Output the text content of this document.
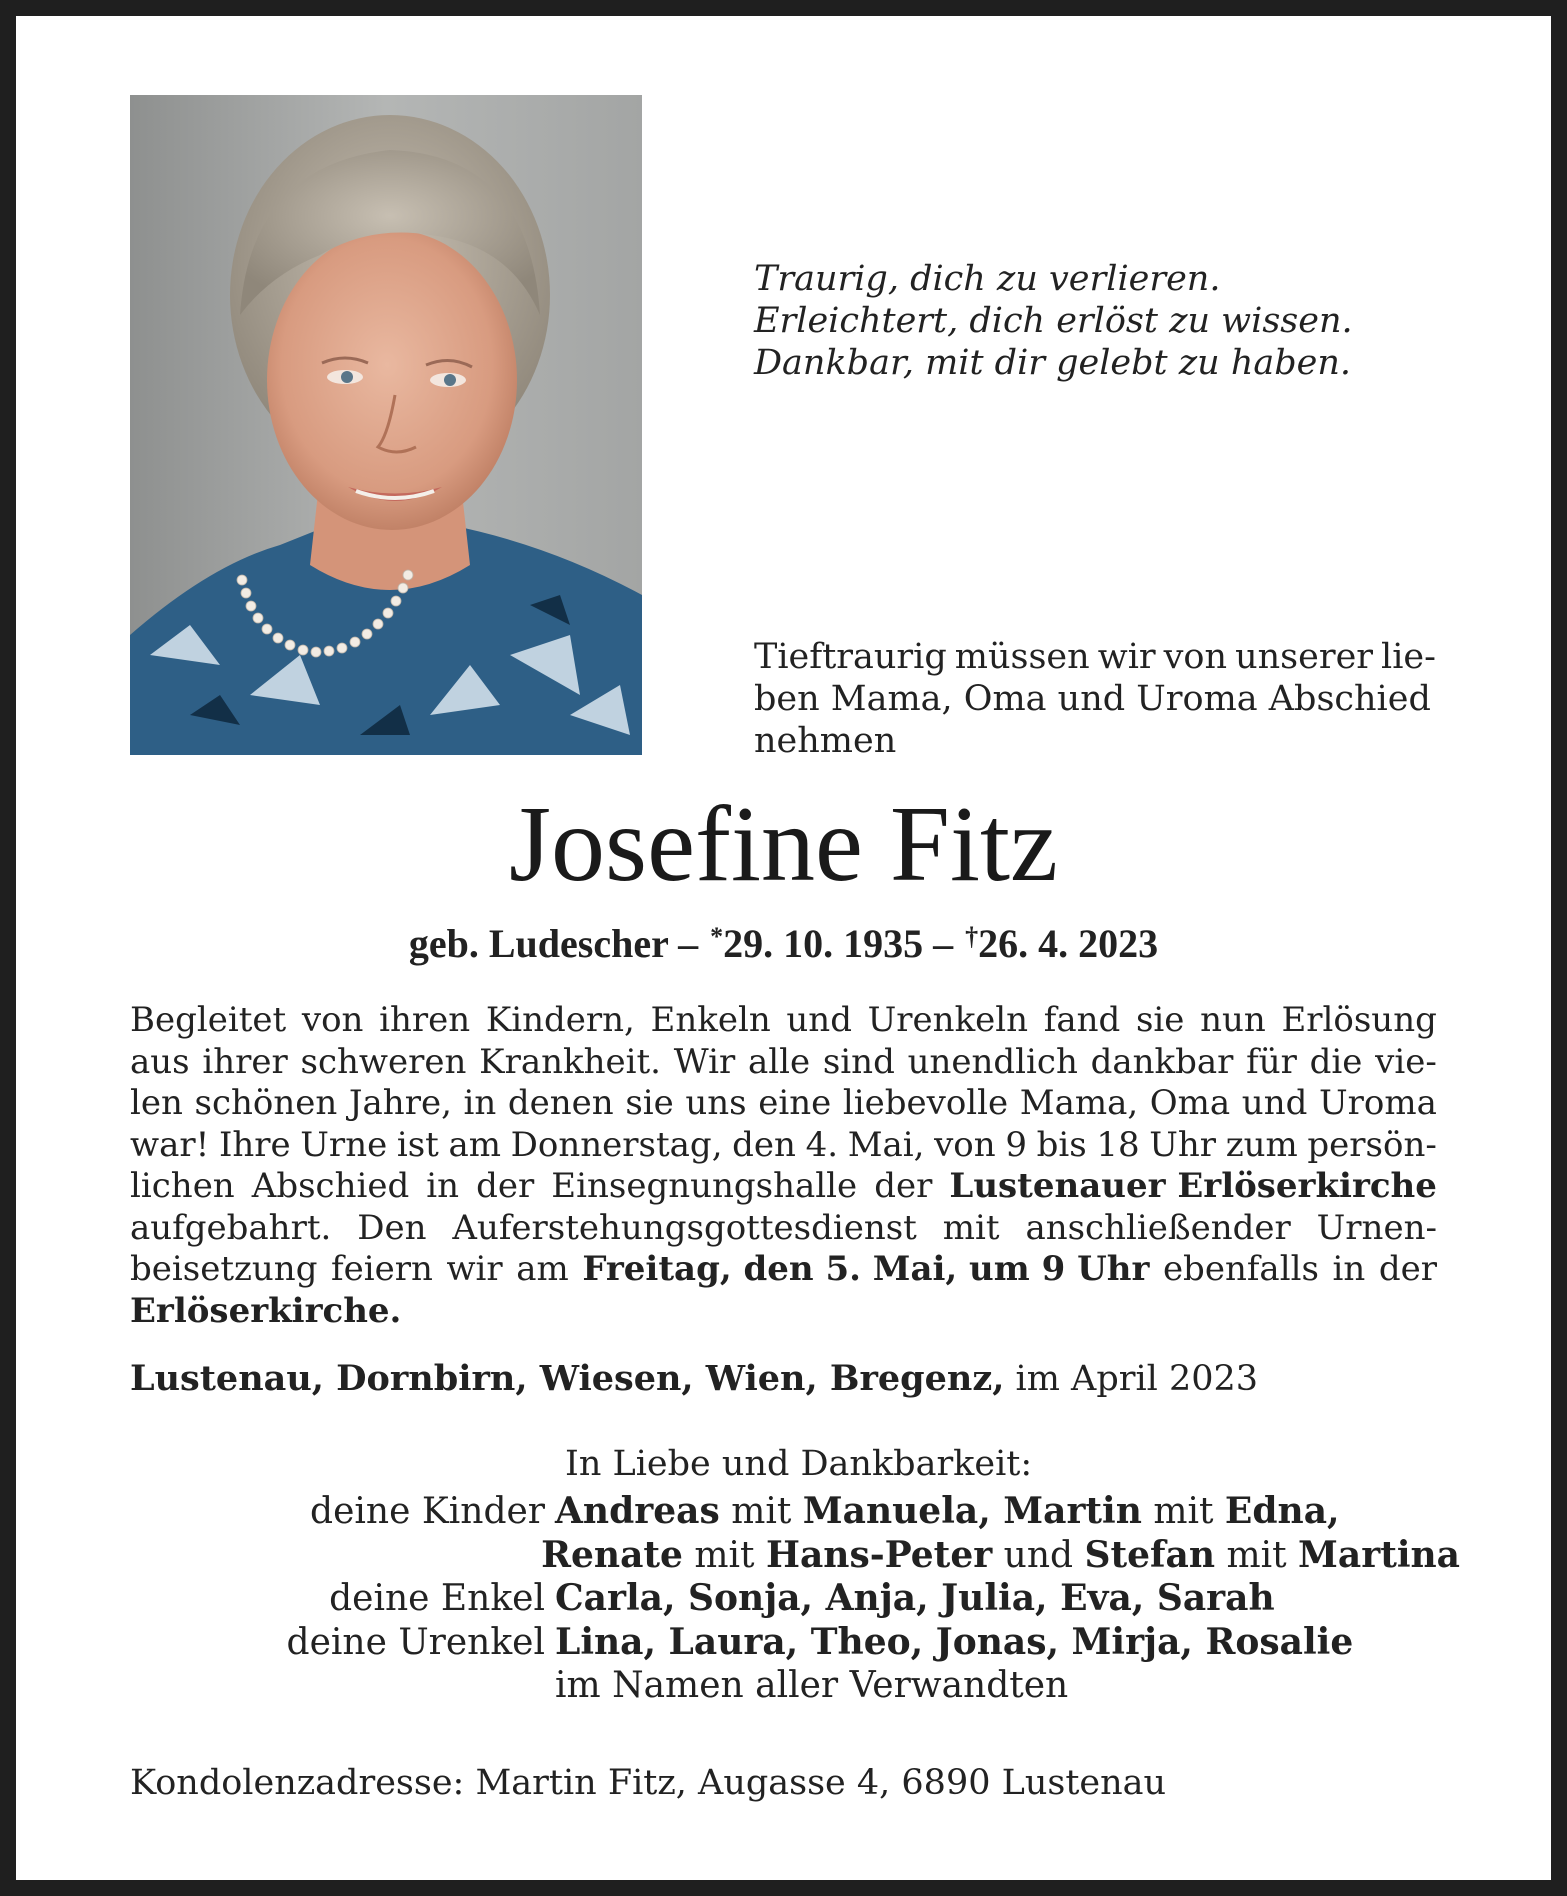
Traurig, dich zu verlieren.
Erleichtert, dich erlöst zu wissen.
Dankbar, mit dir gelebt zu haben.
Tieftraurig müssen wir von unserer lie-
ben Mama, Oma und Uroma Abschied
nehmen
Josefine Fitz
geb. Ludescher – *29. 10. 1935 – †26. 4. 2023
Begleitet von ihren Kindern, Enkeln und Urenkeln fand sie nun Erlösung
aus ihrer schweren Krankheit. Wir alle sind unendlich dankbar für die vie-
len schönen Jahre, in denen sie uns eine liebevolle Mama, Oma und Uroma
war! Ihre Urne ist am Donnerstag, den 4. Mai, von 9 bis 18 Uhr zum persön-
lichen Abschied in der Einsegnungshalle der Lustenauer Erlöserkirche
aufgebahrt. Den Auferstehungsgottesdienst mit anschließender Urnen-
beisetzung feiern wir am Freitag, den 5. Mai, um 9 Uhr ebenfalls in der
Erlöserkirche.
Lustenau, Dornbirn, Wiesen, Wien, Bregenz, im April 2023
In Liebe und Dankbarkeit:
deine Kinder Andreas mit Manuela, Martin mit Edna,
Renate mit Hans-Peter und Stefan mit Martina
deine Enkel Carla, Sonja, Anja, Julia, Eva, Sarah
deine Urenkel Lina, Laura, Theo, Jonas, Mirja, Rosalie
im Namen aller Verwandten
Kondolenzadresse: Martin Fitz, Augasse 4, 6890 Lustenau
